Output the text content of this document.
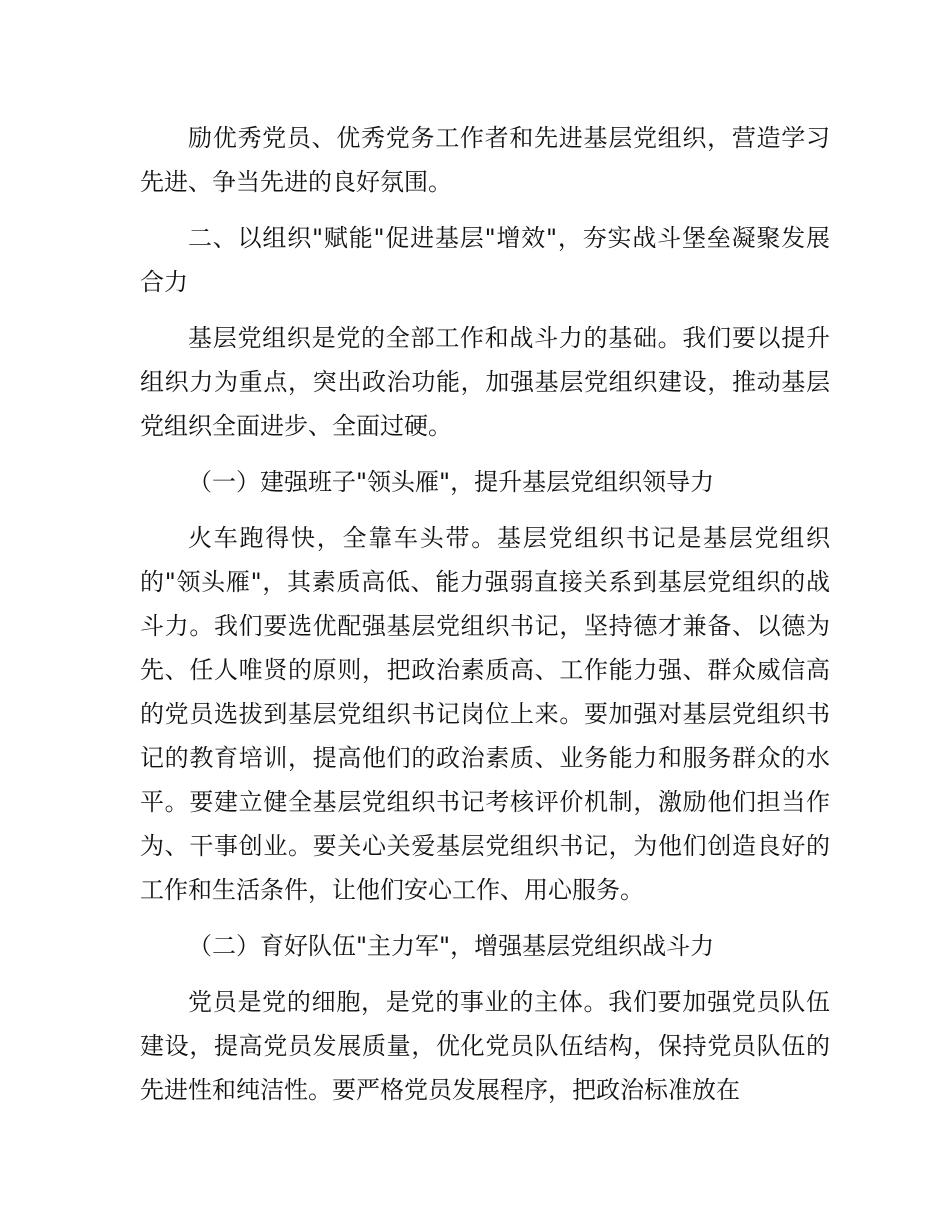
励优秀党员、优秀党务工作者和先进基层党组织，营造学习先进、争当先进的良好氛围。

二、以组织"赋能"促进基层"增效"，夯实战斗堡垒凝聚发展合力

基层党组织是党的全部工作和战斗力的基础。我们要以提升组织力为重点，突出政治功能，加强基层党组织建设，推动基层党组织全面进步、全面过硬。

（一）建强班子"领头雁"，提升基层党组织领导力

火车跑得快，全靠车头带。基层党组织书记是基层党组织的"领头雁"，其素质高低、能力强弱直接关系到基层党组织的战斗力。我们要选优配强基层党组织书记，坚持德才兼备、以德为先、任人唯贤的原则，把政治素质高、工作能力强、群众威信高的党员选拔到基层党组织书记岗位上来。要加强对基层党组织书记的教育培训，提高他们的政治素质、业务能力和服务群众的水平。要建立健全基层党组织书记考核评价机制，激励他们担当作为、干事创业。要关心关爱基层党组织书记，为他们创造良好的工作和生活条件，让他们安心工作、用心服务。

（二）育好队伍"主力军"，增强基层党组织战斗力

党员是党的细胞，是党的事业的主体。我们要加强党员队伍建设，提高党员发展质量，优化党员队伍结构，保持党员队伍的先进性和纯洁性。要严格党员发展程序，把政治标准放在
